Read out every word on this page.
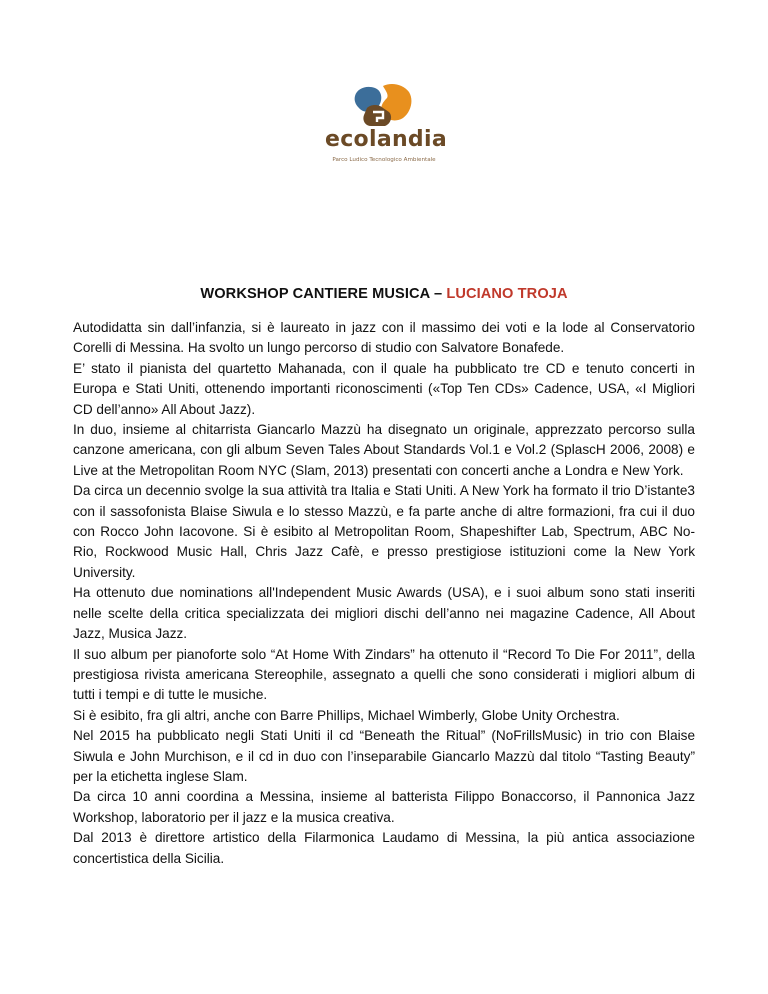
ecolandia
Parco Ludico Tecnologico Ambientale
WORKSHOP CANTIERE MUSICA – LUCIANO TROJA

Autodidatta sin dall’infanzia, si è laureato in jazz con il massimo dei voti e la lode al Conservatorio Corelli di Messina. Ha svolto un lungo percorso di studio con Salvatore Bonafede.

E’ stato il pianista del quartetto Mahanada, con il quale ha pubblicato tre CD e tenuto concerti in Europa e Stati Uniti, ottenendo importanti riconoscimenti («Top Ten CDs» Cadence, USA, «I Migliori CD dell’anno» All About Jazz).

In duo, insieme al chitarrista Giancarlo Mazzù ha disegnato un originale, apprezzato percorso sulla canzone americana, con gli album Seven Tales About Standards Vol.1 e Vol.2 (SplascH 2006, 2008) e Live at the Metropolitan Room NYC (Slam, 2013) presentati con concerti anche a Londra e New York.

Da circa un decennio svolge la sua attività tra Italia e Stati Uniti. A New York ha formato il trio D’istante3 con il sassofonista Blaise Siwula e lo stesso Mazzù, e fa parte anche di altre formazioni, fra cui il duo con Rocco John Iacovone. Si è esibito al Metropolitan Room, Shapeshifter Lab, Spectrum, ABC No-Rio, Rockwood Music Hall, Chris Jazz Cafè, e presso prestigiose istituzioni come la New York University.

Ha ottenuto due nominations all'Independent Music Awards (USA), e i suoi album sono stati inseriti nelle scelte della critica specializzata dei migliori dischi dell’anno nei magazine Cadence, All About Jazz, Musica Jazz.

Il suo album per pianoforte solo “At Home With Zindars” ha ottenuto il “Record To Die For 2011”, della prestigiosa rivista americana Stereophile, assegnato a quelli che sono considerati i migliori album di tutti i tempi e di tutte le musiche.

Si è esibito, fra gli altri, anche con Barre Phillips, Michael Wimberly, Globe Unity Orchestra.

Nel 2015 ha pubblicato negli Stati Uniti il cd “Beneath the Ritual” (NoFrillsMusic) in trio con Blaise Siwula e John Murchison, e il cd in duo con l’inseparabile Giancarlo Mazzù dal titolo “Tasting Beauty” per la etichetta inglese Slam.

Da circa 10 anni coordina a Messina, insieme al batterista Filippo Bonaccorso, il Pannonica Jazz Workshop, laboratorio per il jazz e la musica creativa.

Dal 2013 è direttore artistico della Filarmonica Laudamo di Messina, la più antica associazione concertistica della Sicilia.
